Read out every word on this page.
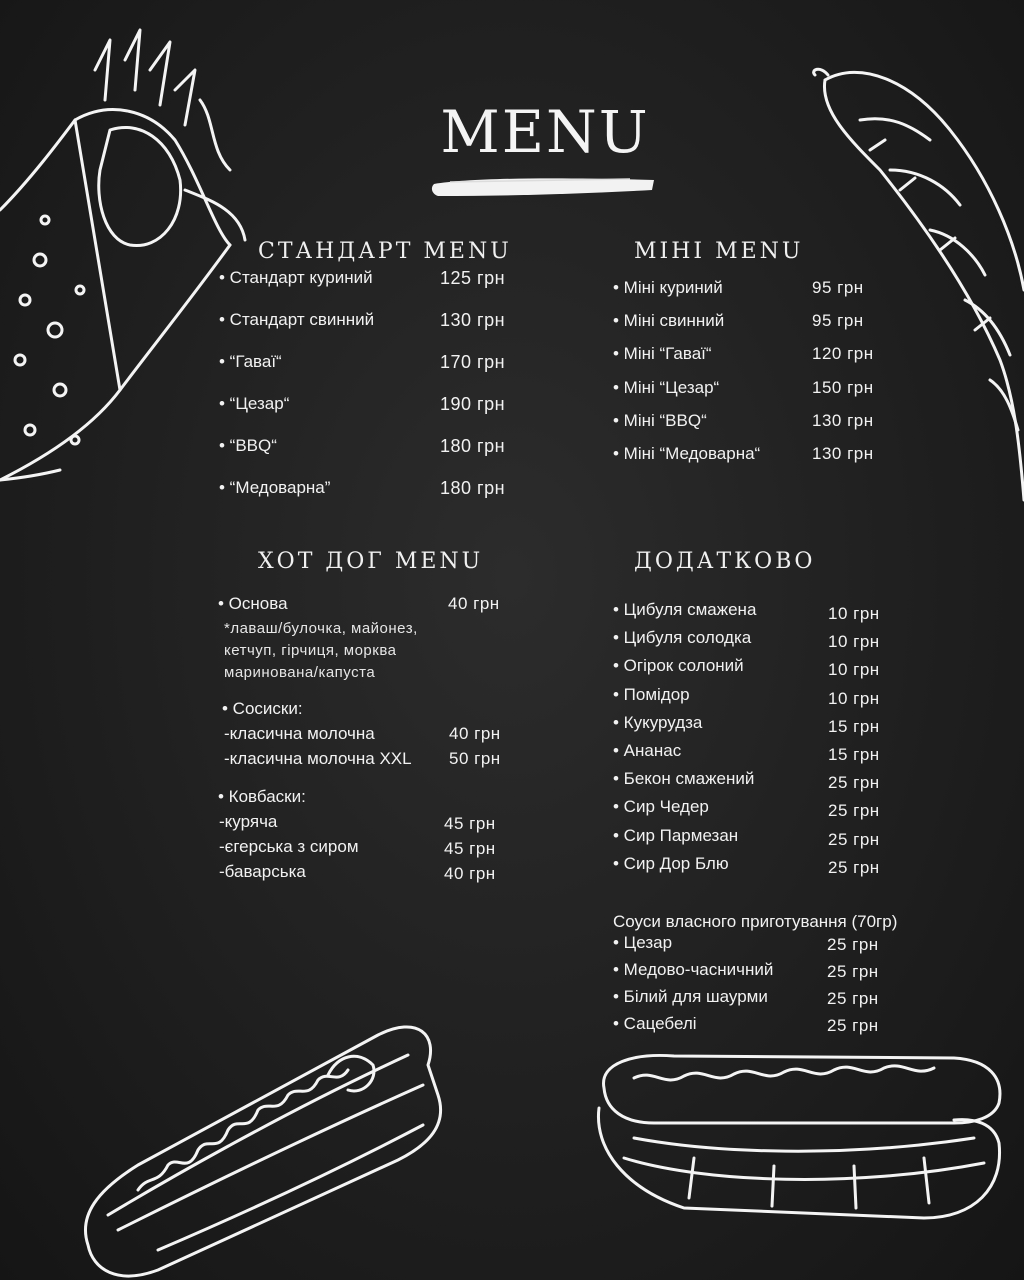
MENU
СТАНДАРТ MENU
• Стандарт куриний	125 грн
• Стандарт свинний	130 грн
• “Гаваї“	170 грн
• “Цезар“	190 грн
• “BBQ“	180 грн
• “Медоварна”	180 грн
МІНІ MENU
• Міні куриний	95 грн
• Міні свинний	95 грн
• Міні “Гаваї“	120 грн
• Міні “Цезар“	150 грн
• Міні “BBQ“	130 грн
• Міні “Медоварна“	130 грн
ХОТ ДОГ MENU
• Основа	40 грн
*лаваш/булочка, майонез,
кетчуп, гірчиця, морква
маринована/капуста
• Сосиски:
-класична молочна	40 грн
-класична молочна XXL 50 грн
• Ковбаски:
-куряча	45 грн
-єгерська з сиром	45 грн
-баварська	40 грн
ДОДАТКОВО
• Цибуля смажена	10 грн
• Цибуля солодка	10 грн
• Огірок солоний	10 грн
• Помідор	10 грн
• Кукурудза	15 грн
• Ананас	15 грн
• Бекон смажений	25 грн
• Сир Чедер	25 грн
• Сир Пармезан	25 грн
• Сир Дор Блю	25 грн
Соуси власного приготування (70гр)
• Цезар	25 грн
• Медово-часничний	25 грн
• Білий для шаурми	25 грн
• Сацебелі	25 грн
